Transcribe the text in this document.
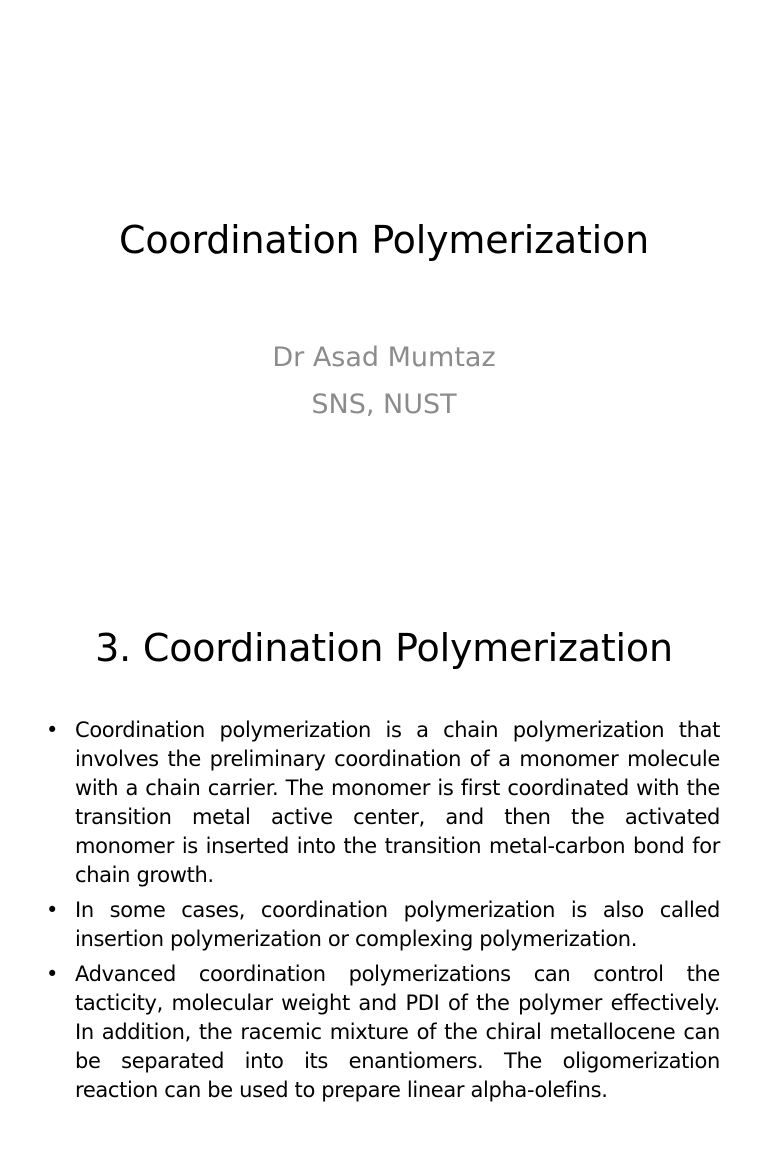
Coordination Polymerization
Dr Asad Mumtaz
SNS, NUST
3. Coordination Polymerization
• Coordination polymerization is a chain polymerization that involves the preliminary coordination of a monomer molecule with a chain carrier. The monomer is first coordinated with the transition metal active center, and then the activated monomer is inserted into the transition metal-carbon bond for chain growth.
• In some cases, coordination polymerization is also called insertion polymerization or complexing polymerization.
• Advanced coordination polymerizations can control the tacticity, molecular weight and PDI of the polymer effectively. In addition, the racemic mixture of the chiral metallocene can be separated into its enantiomers. The oligomerization reaction can be used to prepare linear alpha-olefins.
